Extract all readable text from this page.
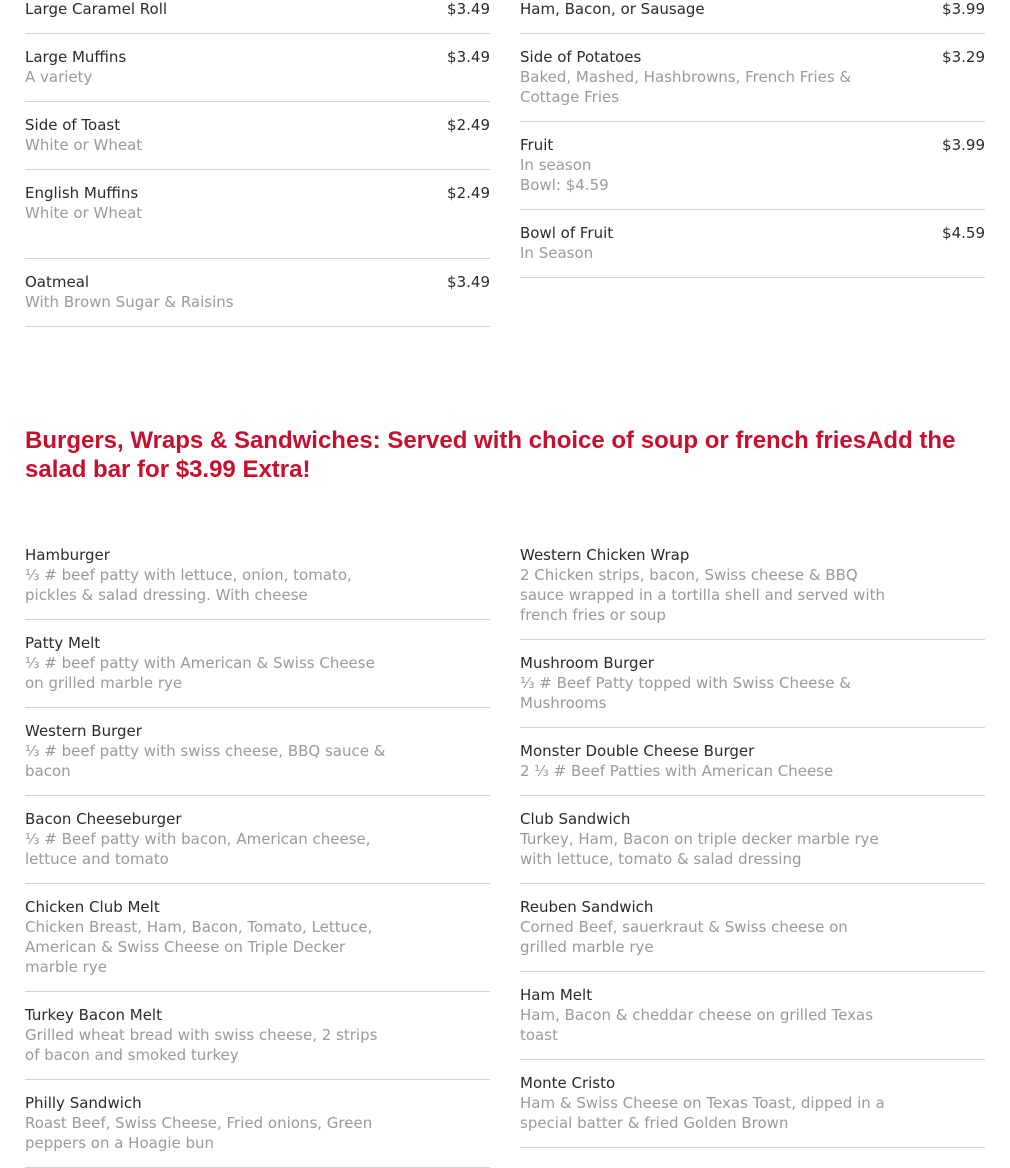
Large Caramel Roll	$3.49
Large Muffins
A variety
$3.49
Side of Toast
White or Wheat
$2.49
English Muffins
White or Wheat
$2.49
Oatmeal
With Brown Sugar & Raisins
$3.49
Ham, Bacon, or Sausage	$3.99
Side of Potatoes
Baked, Mashed, Hashbrowns, French Fries & Cottage Fries
$3.29
Fruit
In season
Bowl: $4.59
$3.99
Bowl of Fruit
In Season
$4.59
Burgers, Wraps & Sandwiches: Served with choice of soup or french friesAdd the salad bar for $3.99 Extra!
Hamburger
⅓ # beef patty with lettuce, onion, tomato, pickles & salad dressing. With cheese
Patty Melt
⅓ # beef patty with American & Swiss Cheese on grilled marble rye
Western Burger
⅓ # beef patty with swiss cheese, BBQ sauce & bacon
Bacon Cheeseburger
⅓ # Beef patty with bacon, American cheese, lettuce and tomato
Chicken Club Melt
Chicken Breast, Ham, Bacon, Tomato, Lettuce, American & Swiss Cheese on Triple Decker marble rye
Turkey Bacon Melt
Grilled wheat bread with swiss cheese, 2 strips of bacon and smoked turkey
Philly Sandwich
Roast Beef, Swiss Cheese, Fried onions, Green peppers on a Hoagie bun
Western Chicken Wrap
2 Chicken strips, bacon, Swiss cheese & BBQ sauce wrapped in a tortilla shell and served with french fries or soup
Mushroom Burger
⅓ # Beef Patty topped with Swiss Cheese & Mushrooms
Monster Double Cheese Burger
2 ⅓ # Beef Patties with American Cheese
Club Sandwich
Turkey, Ham, Bacon on triple decker marble rye with lettuce, tomato & salad dressing
Reuben Sandwich
Corned Beef, sauerkraut & Swiss cheese on grilled marble rye
Ham Melt
Ham, Bacon & cheddar cheese on grilled Texas toast
Monte Cristo
Ham & Swiss Cheese on Texas Toast, dipped in a special batter & fried Golden Brown
